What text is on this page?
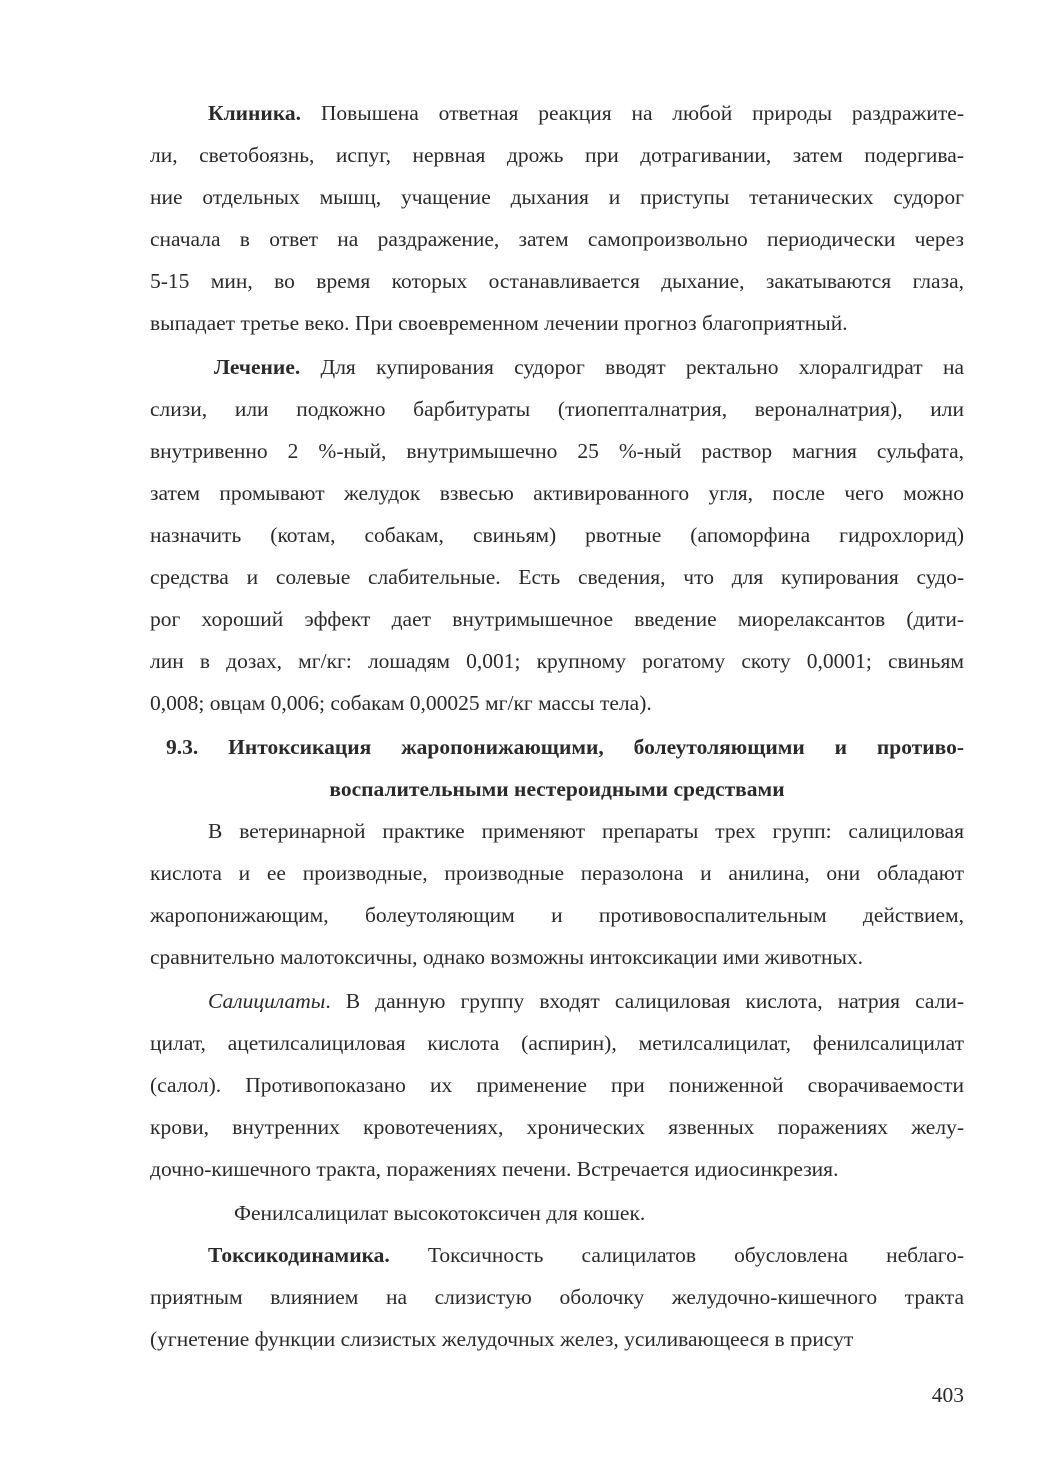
Клиника. Повышена ответная реакция на любой природы раздражите-
ли, светобоязнь, испуг, нервная дрожь при дотрагивании, затем подергива-
ние отдельных мышц, учащение дыхания и приступы тетанических судорог
сначала в ответ на раздражение, затем самопроизвольно периодически через
5-15 мин, во время которых останавливается дыхание, закатываются глаза,
выпадает третье веко. При своевременном лечении прогноз благоприятный.
Лечение. Для купирования судорог вводят ректально хлоралгидрат на
слизи, или подкожно барбитураты (тиопепталнатрия, вероналнатрия), или
внутривенно 2 %-ный, внутримышечно 25 %-ный раствор магния сульфата,
затем промывают желудок взвесью активированного угля, после чего можно
назначить (котам, собакам, свиньям) рвотные (апоморфина гидрохлорид)
средства и солевые слабительные. Есть сведения, что для купирования судо-
рог хороший эффект дает внутримышечное введение миорелаксантов (дити-
лин в дозах, мг/кг: лошадям 0,001; крупному рогатому скоту 0,0001; свиньям
0,008; овцам 0,006; собакам 0,00025 мг/кг массы тела).
9.3. Интоксикация жаропонижающими, болеутоляющими и противо-
воспалительными нестероидными средствами
В ветеринарной практике применяют препараты трех групп: салициловая
кислота и ее производные, производные перазолона и анилина, они обладают
жаропонижающим, болеутоляющим и противовоспалительным действием,
сравнительно малотоксичны, однако возможны интоксикации ими животных.
Салицилаты. В данную группу входят салициловая кислота, натрия сали-
цилат, ацетилсалициловая кислота (аспирин), метилсалицилат, фенилсалицилат
(салол). Противопоказано их применение при пониженной сворачиваемости
крови, внутренних кровотечениях, хронических язвенных поражениях желу-
дочно-кишечного тракта, поражениях печени. Встречается идиосинкрезия.
Фенилсалицилат высокотоксичен для кошек.
Токсикодинамика. Токсичность салицилатов обусловлена неблаго-
приятным влиянием на слизистую оболочку желудочно-кишечного тракта
(угнетение функции слизистых желудочных желез, усиливающееся в присут
403
